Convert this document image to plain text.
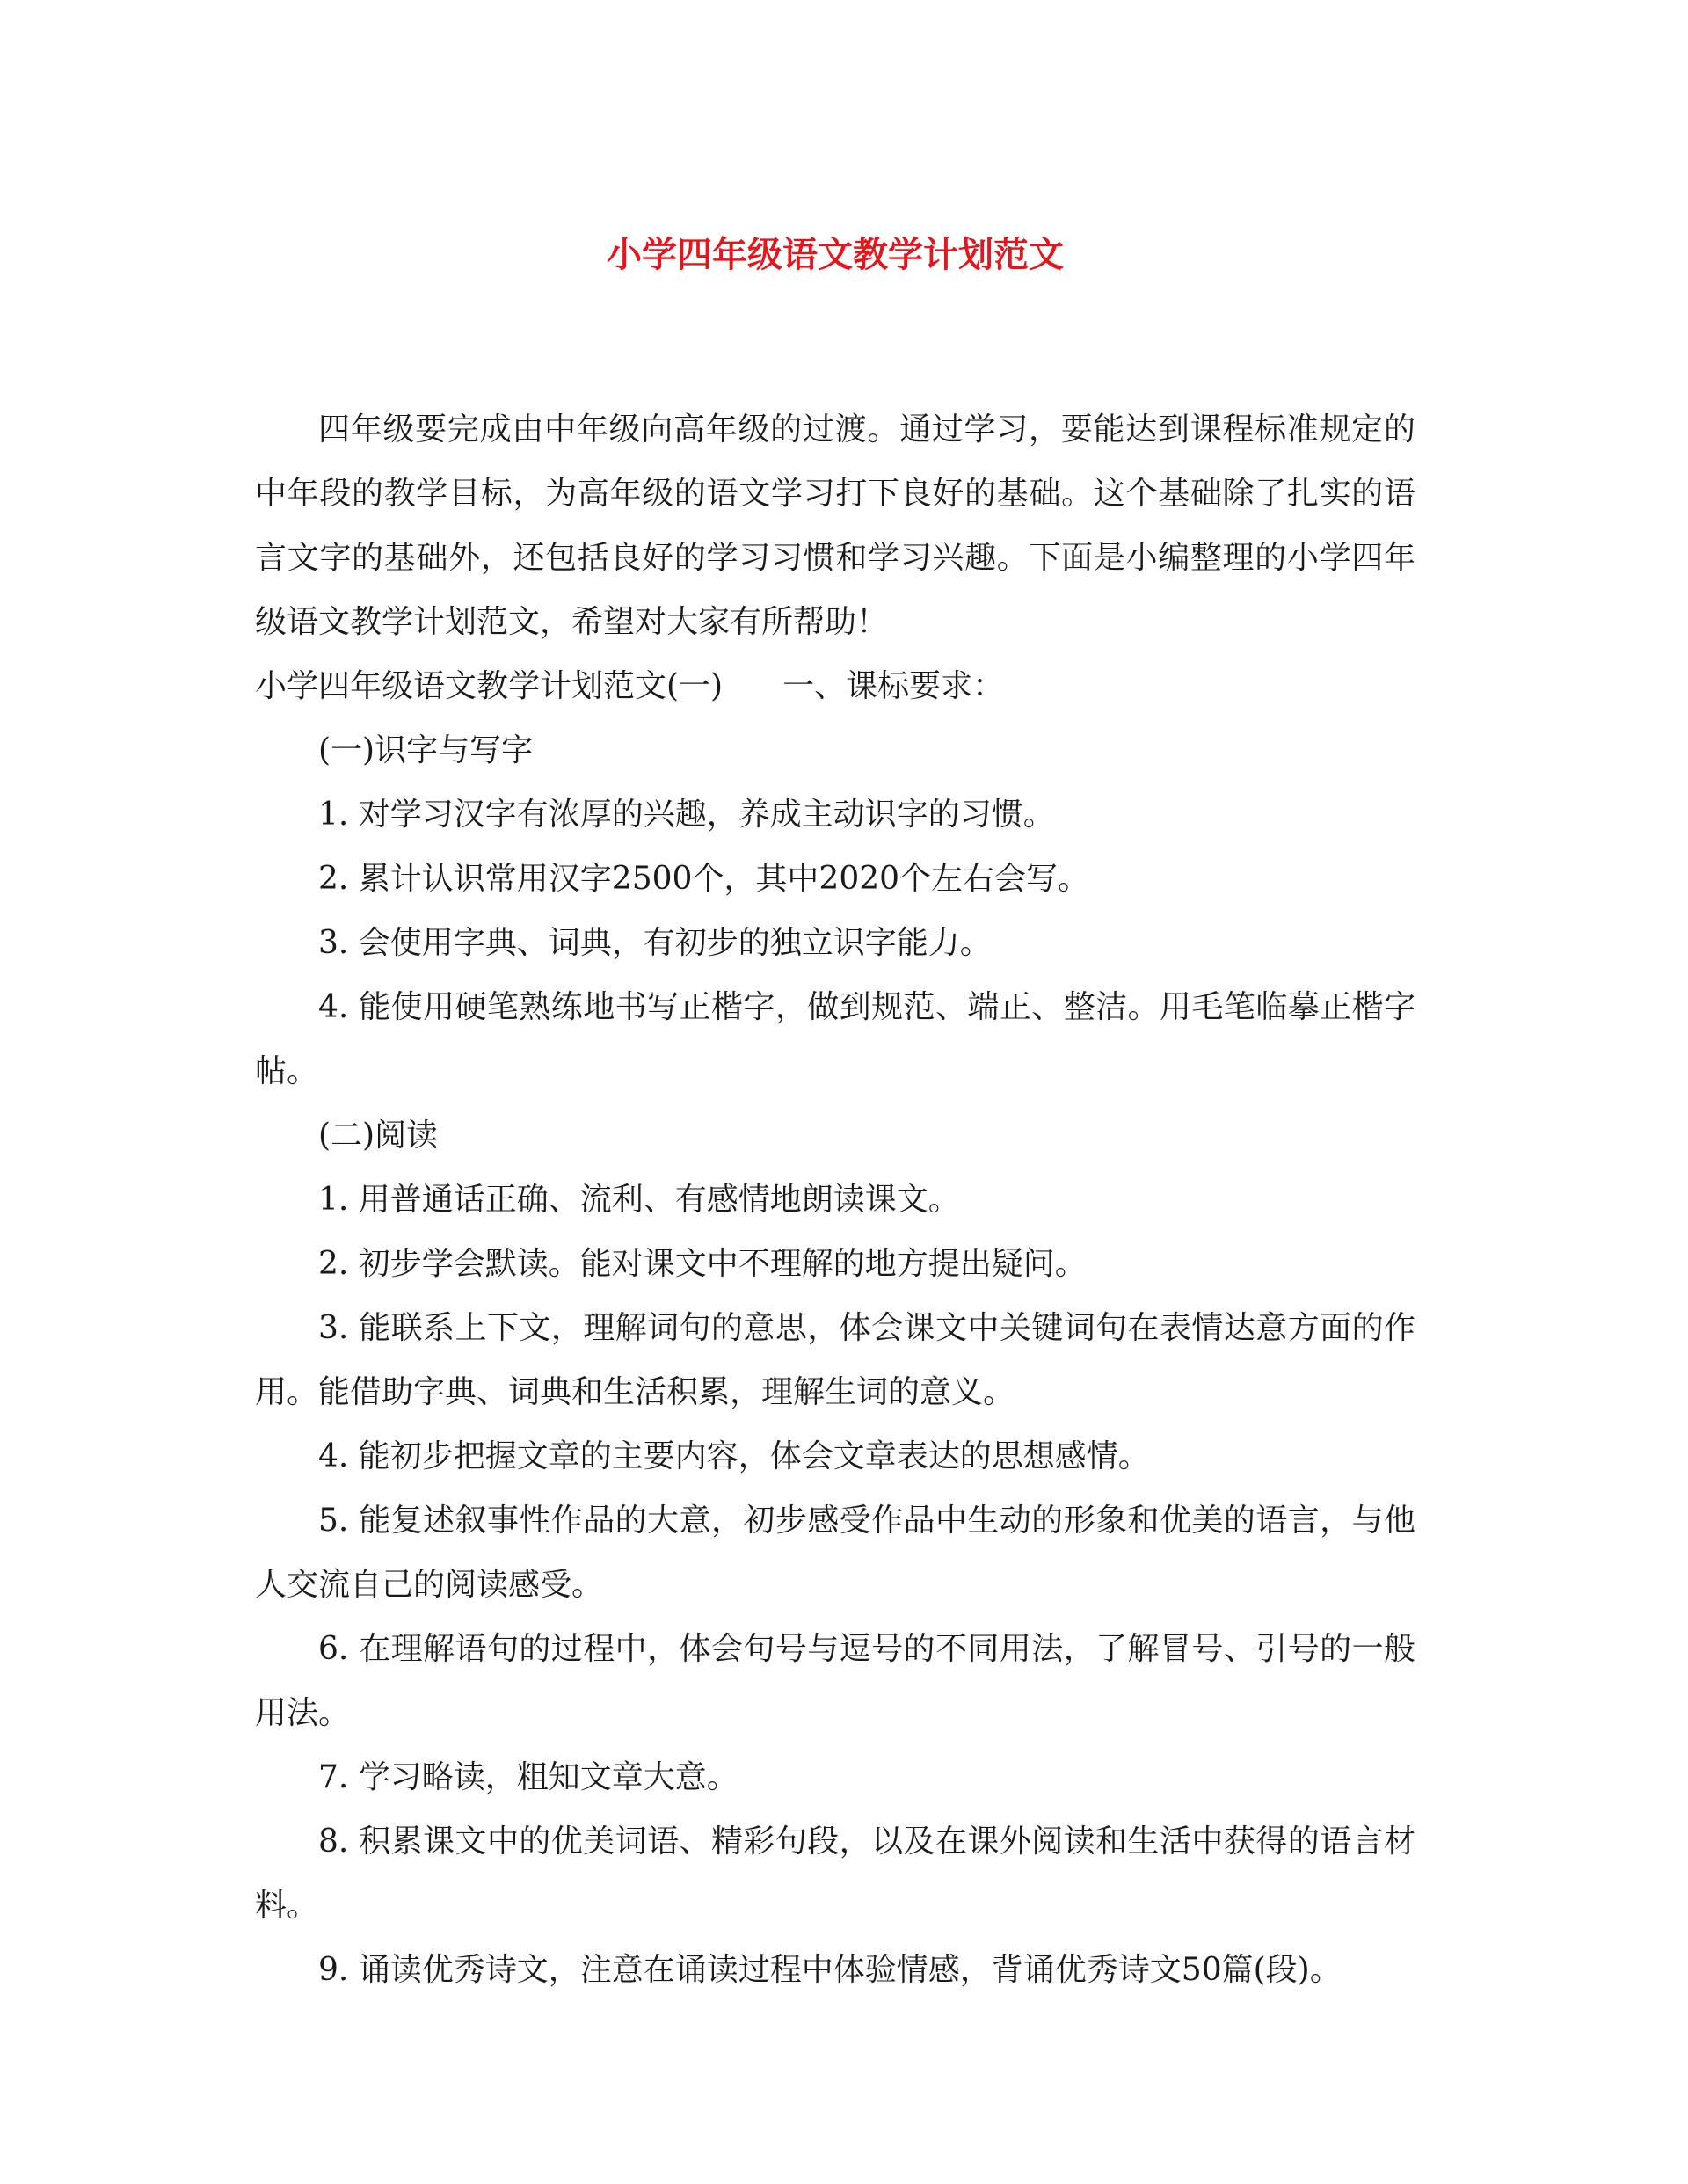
小学四年级语文教学计划范文

四年级要完成由中年级向高年级的过渡。通过学习，要能达到课程标准规定的中年段的教学目标，为高年级的语文学习打下良好的基础。这个基础除了扎实的语言文字的基础外，还包括良好的学习习惯和学习兴趣。下面是小编整理的小学四年级语文教学计划范文，希望对大家有所帮助！

小学四年级语文教学计划范文(一) 一、课标要求：

(一)识字与写字

1. 对学习汉字有浓厚的兴趣，养成主动识字的习惯。

2. 累计认识常用汉字2500个，其中2020个左右会写。

3. 会使用字典、词典，有初步的独立识字能力。

4. 能使用硬笔熟练地书写正楷字，做到规范、端正、整洁。用毛笔临摹正楷字帖。

(二)阅读

1. 用普通话正确、流利、有感情地朗读课文。

2. 初步学会默读。能对课文中不理解的地方提出疑问。

3. 能联系上下文，理解词句的意思，体会课文中关键词句在表情达意方面的作用。能借助字典、词典和生活积累，理解生词的意义。

4. 能初步把握文章的主要内容，体会文章表达的思想感情。

5. 能复述叙事性作品的大意，初步感受作品中生动的形象和优美的语言，与他人交流自己的阅读感受。

6. 在理解语句的过程中，体会句号与逗号的不同用法，了解冒号、引号的一般用法。

7. 学习略读，粗知文章大意。

8. 积累课文中的优美词语、精彩句段，以及在课外阅读和生活中获得的语言材料。

9. 诵读优秀诗文，注意在诵读过程中体验情感，背诵优秀诗文50篇(段)。
